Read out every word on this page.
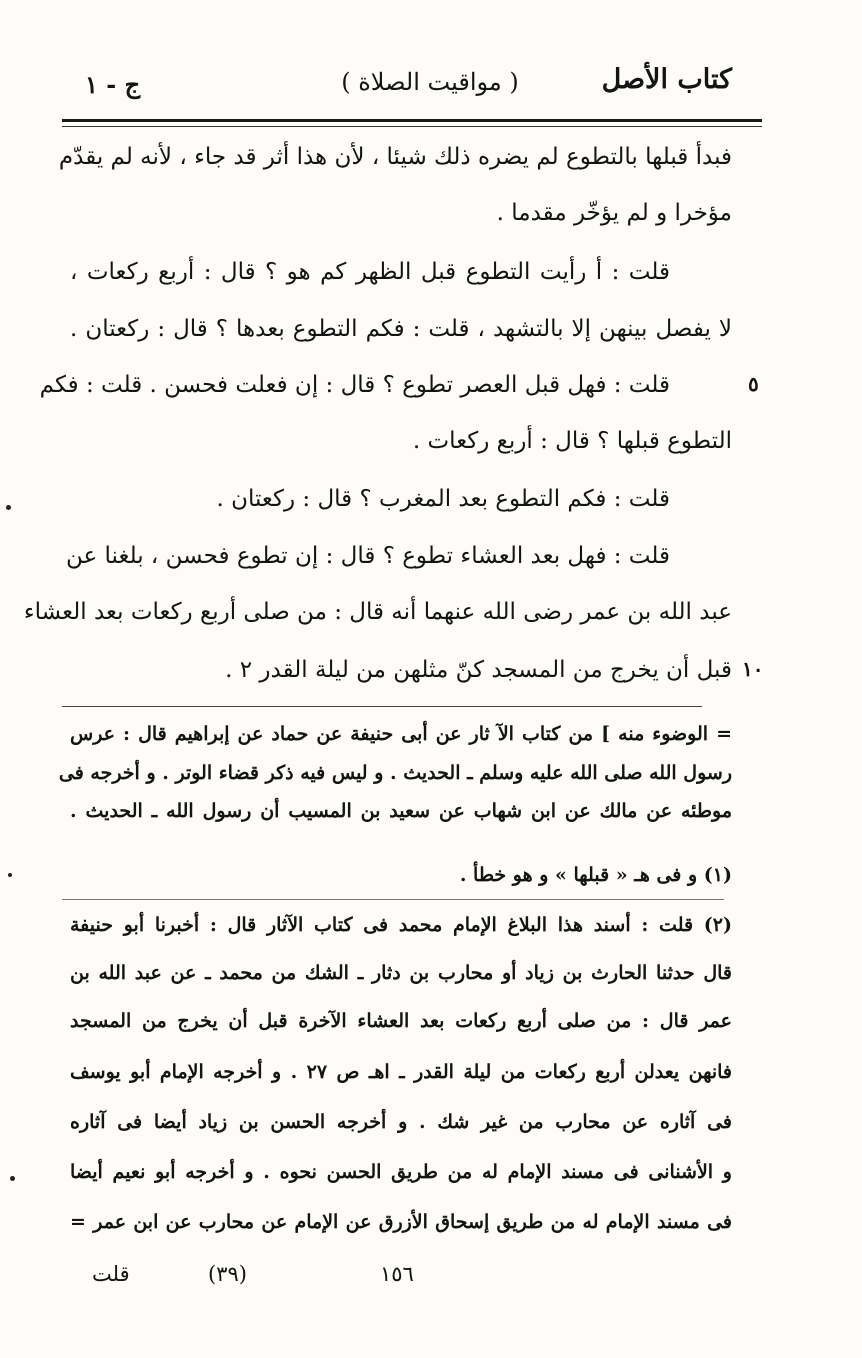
كتاب الأصل
( مواقيت الصلاة )
ج - ١
فبدأ قبلها بالتطوع لم يضره ذلك شيئا ، لأن هذا أثر قد جاء ، لأنه لم يقدّم
مؤخرا و لم يؤخّر مقدما .
قلت : أ رأيت التطوع قبل الظهر كم هو ؟ قال : أربع ركعات ،
لا يفصل بينهن إلا بالتشهد ، قلت : فكم التطوع بعدها ؟ قال : ركعتان .
قلت : فهل قبل العصر تطوع ؟ قال : إن فعلت فحسن . قلت : فكم	٥
التطوع قبلها ؟ قال : أربع ركعات .
قلت : فكم التطوع بعد المغرب ؟ قال : ركعتان .
قلت : فهل بعد العشاء تطوع ؟ قال : إن تطوع فحسن ، بلغنا عن
عبد الله بن عمر رضى الله عنهما أنه قال : من صلى أربع ركعات بعد العشاء
قبل أن يخرج من المسجد كنّ مثلهن من ليلة القدر ٢ . ١٠
= الوضوء منه ] من كتاب الآ ثار عن أبى حنيفة عن حماد عن إبراهيم قال : عرس
رسول الله صلى الله عليه وسلم ـ الحديث . و ليس فيه ذكر قضاء الوتر . و أخرجه فى
موطئه عن مالك عن ابن شهاب عن سعيد بن المسيب أن رسول الله ـ الحديث .
(١) و فى هـ « قبلها » و هو خطأ .
(٢) قلت : أسند هذا البلاغ الإمام محمد فى كتاب الآثار قال : أخبرنا أبو حنيفة
قال حدثنا الحارث بن زياد أو محارب بن دثار ـ الشك من محمد ـ عن عبد الله بن
عمر قال : من صلى أربع ركعات بعد العشاء الآخرة قبل أن يخرج من المسجد
فانهن يعدلن أربع ركعات من ليلة القدر ـ اهـ ص ٢٧ . و أخرجه الإمام أبو يوسف
فى آثاره عن محارب من غير شك . و أخرجه الحسن بن زياد أيضا فى آثاره
و الأشنانى فى مسند الإمام له من طريق الحسن نحوه . و أخرجه أبو نعيم أيضا
فى مسند الإمام له من طريق إسحاق الأزرق عن الإمام عن محارب عن ابن عمر =
قلت	(٣٩)	١٥٦
